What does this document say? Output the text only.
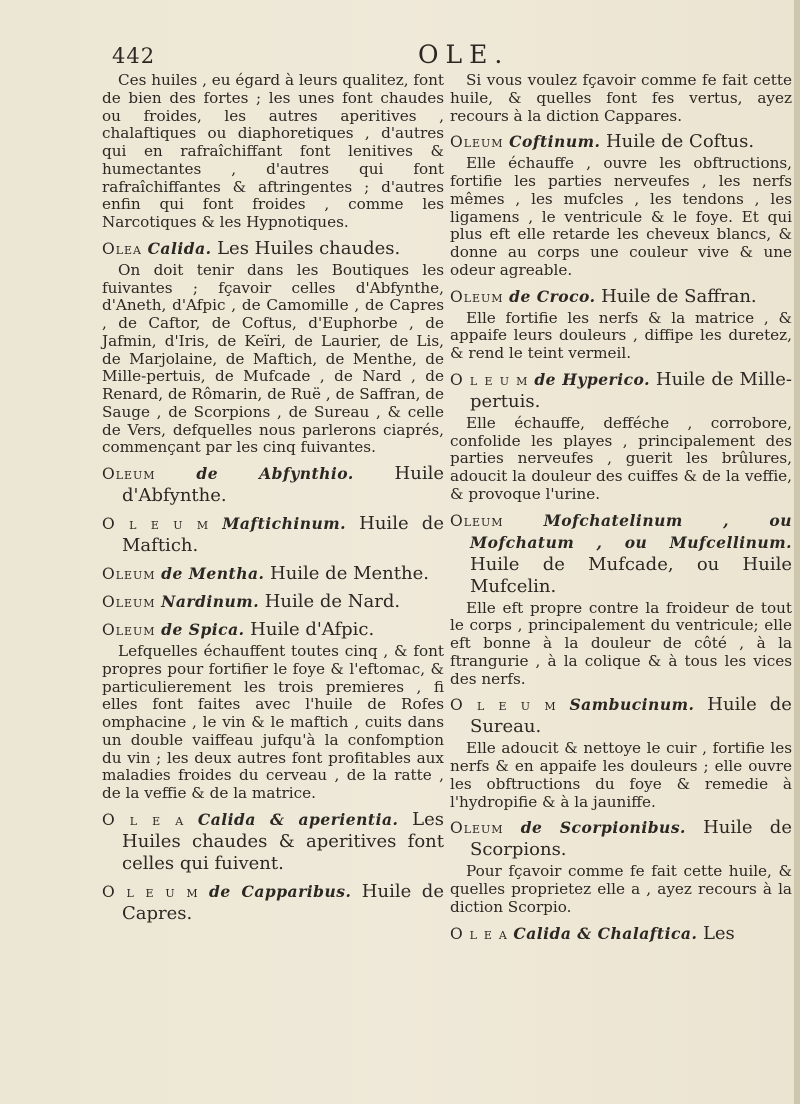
442	OLE.

Ces huiles , eu égard à leurs qualitez, font de bien des fortes ; les unes font chaudes ou froides, les autres aperitives , chalaftiques ou diaphoretiques , d'autres qui en rafraîchiffant font lenitives & humectantes , d'autres qui font rafraîchiffantes & aftringentes ; d'autres enfin qui font froides , comme les Narcotiques & les Hypnotiques.

Olea Calida. Les Huiles chaudes.

On doit tenir dans les Boutiques les fuivantes ; fçavoir celles d'Abfynthe, d'Aneth, d'Afpic , de Camomille , de Capres , de Caftor, de Coftus, d'Euphorbe , de Jafmin, d'Iris, de Keïri, de Laurier, de Lis, de Marjolaine, de Maftich, de Menthe, de Mille-pertuis, de Mufcade , de Nard , de Renard, de Rômarin, de Ruë , de Saffran, de Sauge , de Scorpions , de Sureau , & celle de Vers, defquelles nous parlerons ciaprés, commençant par les cinq fuivantes.

Oleum	de Abfynthio. Huile d'Abfynthe.

O l e u m Maftichinum. Huile de Maftich.

Oleum de Mentha. Huile de Menthe.

Oleum Nardinum. Huile de Nard.

Oleum de Spica. Huile d'Afpic.

Lefquelles échauffent toutes cinq , & font propres pour fortifier le foye & l'eftomac, & particulierement les trois premieres , fi elles font faites avec l'huile de Rofes omphacine , le vin & le maftich , cuits dans un double vaiffeau jufqu'à la confomption du vin ; les deux autres font profitables aux maladies froides du cerveau , de la ratte , de la veffie & de la matrice.

O l e a Calida & aperientia. Les Huiles chaudes & aperitives font celles qui fuivent.

O l e u m de Capparibus. Huile de Capres.

Si vous voulez fçavoir comme fe fait cette huile, & quelles font fes vertus, ayez recours à la diction Cappares.

Oleum Coftinum. Huile de Coftus.

Elle échauffe , ouvre les obftructions, fortifie les parties nerveufes , les nerfs mêmes , les mufcles , les tendons , les ligamens , le ventricule & le foye. Et qui plus eft elle retarde les cheveux blancs, & donne au corps une couleur vive & une odeur agreable.

Oleum de Croco. Huile de Saffran.

Elle fortifie les nerfs & la matrice , & appaife leurs douleurs , diffipe les duretez, & rend le teint vermeil.

O l e u m de Hyperico. Huile de Mille-pertuis.

Elle échauffe, defféche , corrobore, confolide les playes , principalement des parties nerveufes , guerit les brûlures, adoucit la douleur des cuiffes & de la veffie, & provoque l'urine.

Oleum	Mofchatelinum , ou Mofchatum , ou Mufcellinum. Huile de Mufcade, ou Huile Mufcelin.

Elle eft propre contre la froideur de tout le corps , principalement du ventricule; elle eft bonne à la douleur de côté , à la ftrangurie , à la colique & à tous les vices des nerfs.

O l e u m Sambucinum. Huile de Sureau.

Elle adoucit & nettoye le cuir , fortifie les nerfs & en appaife les douleurs ; elle ouvre les obftructions du foye & remedie à l'hydropifie & à la jauniffe.

Oleum de Scorpionibus. Huile de Scorpions.

Pour fçavoir comme fe fait cette huile, & quelles proprietez elle a , ayez recours à la diction Scorpio.

O l e a Calida & Chalaftica. Les
